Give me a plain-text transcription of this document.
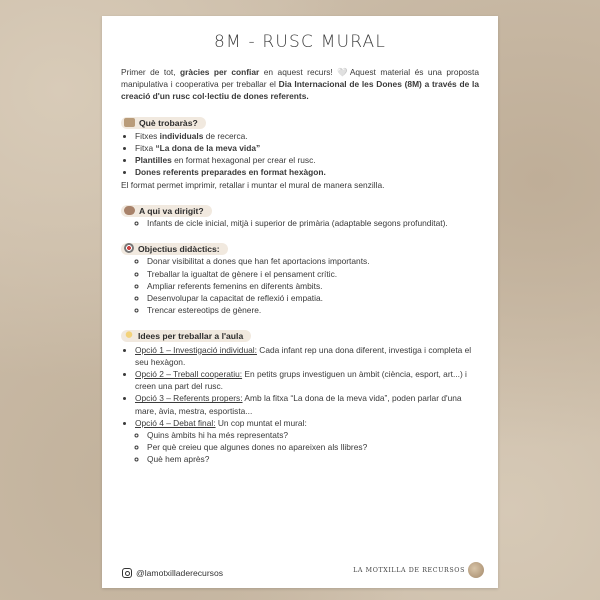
8M - RUSC MURAL

Primer de tot, gràcies per confiar en aquest recurs! 🤍Aquest material és una proposta manipulativa i cooperativa per treballar el Dia Internacional de les Dones (8M) a través de la creació d'un rusc col·lectiu de dones referents.

Què trobaràs?
• Fitxes individuals de recerca.
• Fitxa “La dona de la meva vida”
• Plantilles en format hexagonal per crear el rusc.
• Dones referents preparades en format hexàgon.

El format permet imprimir, retallar i muntar el mural de manera senzilla.

A qui va dirigit?
◦ Infants de cicle inicial, mitjà i superior de primària (adaptable segons profunditat).
Objectius didàctics:
◦ Donar visibilitat a dones que han fet aportacions importants.
◦ Treballar la igualtat de gènere i el pensament crític.
◦ Ampliar referents femenins en diferents àmbits.
◦ Desenvolupar la capacitat de reflexió i empatia.
◦ Trencar estereotips de gènere.
Idees per treballar a l'aula
• Opció 1 – Investigació individual: Cada infant rep una dona diferent, investiga i completa el seu hexàgon.
• Opció 2 – Treball cooperatiu: En petits grups investiguen un àmbit (ciència, esport, art...) i creen una part del rusc.
• Opció 3 – Referents propers: Amb la fitxa “La dona de la meva vida”, poden parlar d'una mare, àvia, mestra, esportista...
• Opció 4 – Debat final: Un cop muntat el mural:
◦ Quins àmbits hi ha més representats?
◦ Per què creieu que algunes dones no apareixen als llibres?
◦ Què hem après?
@lamotxilladerecursos	LA MOTXILLA DE RECURSOS
